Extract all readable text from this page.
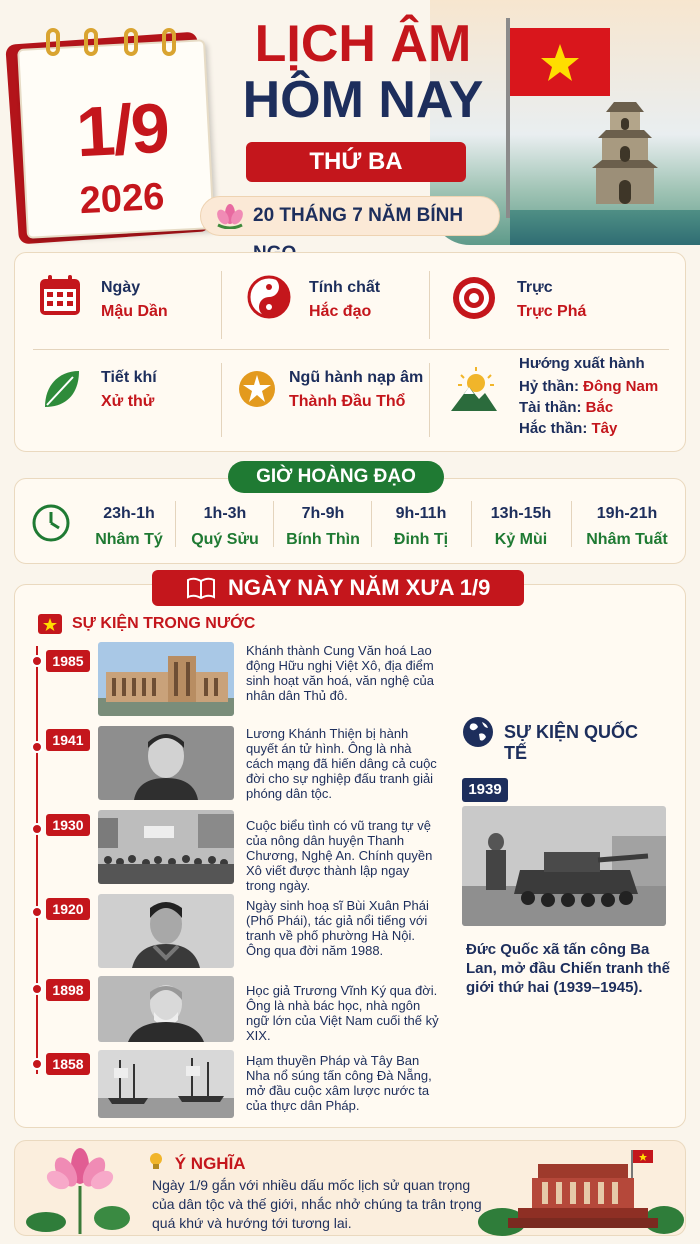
1/9
2026
LỊCH ÂM
HÔM NAY
THỨ BA
20 THÁNG 7 NĂM BÍNH
Ngày
Mậu Dần
Tính chất
Hắc đạo
Trực
Trực Phá
Tiết khí
Xử thử
Ngũ hành nạp âm
Thành Đầu Thổ
Hướng xuất hành
Hỷ thần: Đông Nam
Tài thần: Bắc
Hắc thần: Tây
23h-1h
Nhâm Tý
1h-3h
Quý Sửu
7h-9h
Bính Thìn
9h-11h
Đinh Tị
13h-15h
Kỷ Mùi
19h-21h
Nhâm Tuất
GIỜ HOÀNG ĐẠO
NGÀY NÀY NĂM XƯA 1/9
SỰ KIỆN TRONG NƯỚC
1985
Khánh thành Cung Văn hoá Lao động Hữu nghị Việt Xô, địa điểm sinh hoạt văn hoá, văn nghệ của nhân dân Thủ đô.
1941	Lương Khánh Thiện bị hành quyết án tử hình. Ông là nhà cách mạng đã hiến dâng cả cuộc đời cho sự nghiệp đấu tranh giải phóng dân tộc.
1930	Cuộc biểu tình có vũ trang tự vệ của nông dân huyện Thanh Chương, Nghệ An. Chính quyền Xô viết được thành lập ngay trong ngày.
1920	Ngày sinh hoạ sĩ Bùi Xuân Phái (Phố Phái), tác giả nổi tiếng với tranh về phố phường Hà Nội. Ông qua đời năm 1988.
1898	Học giả Trương Vĩnh Ký qua đời. Ông là nhà bác học, nhà ngôn ngữ lớn của Việt Nam cuối thế kỷ XIX.
1858	Hạm thuyền Pháp và Tây Ban Nha nổ súng tấn công Đà Nẵng, mở đầu cuộc xâm lược nước ta của thực dân Pháp.
SỰ KIỆN QUỐC TẾ
1939
Đức Quốc xã tấn công Ba Lan, mở đầu Chiến tranh thế giới thứ hai (1939–1945).
Ý NGHĨA
Ngày 1/9 gắn với nhiều dấu mốc lịch sử quan trọng của dân tộc và thế giới, nhắc nhở chúng ta trân trọng quá khứ và hướng tới tương lai.
